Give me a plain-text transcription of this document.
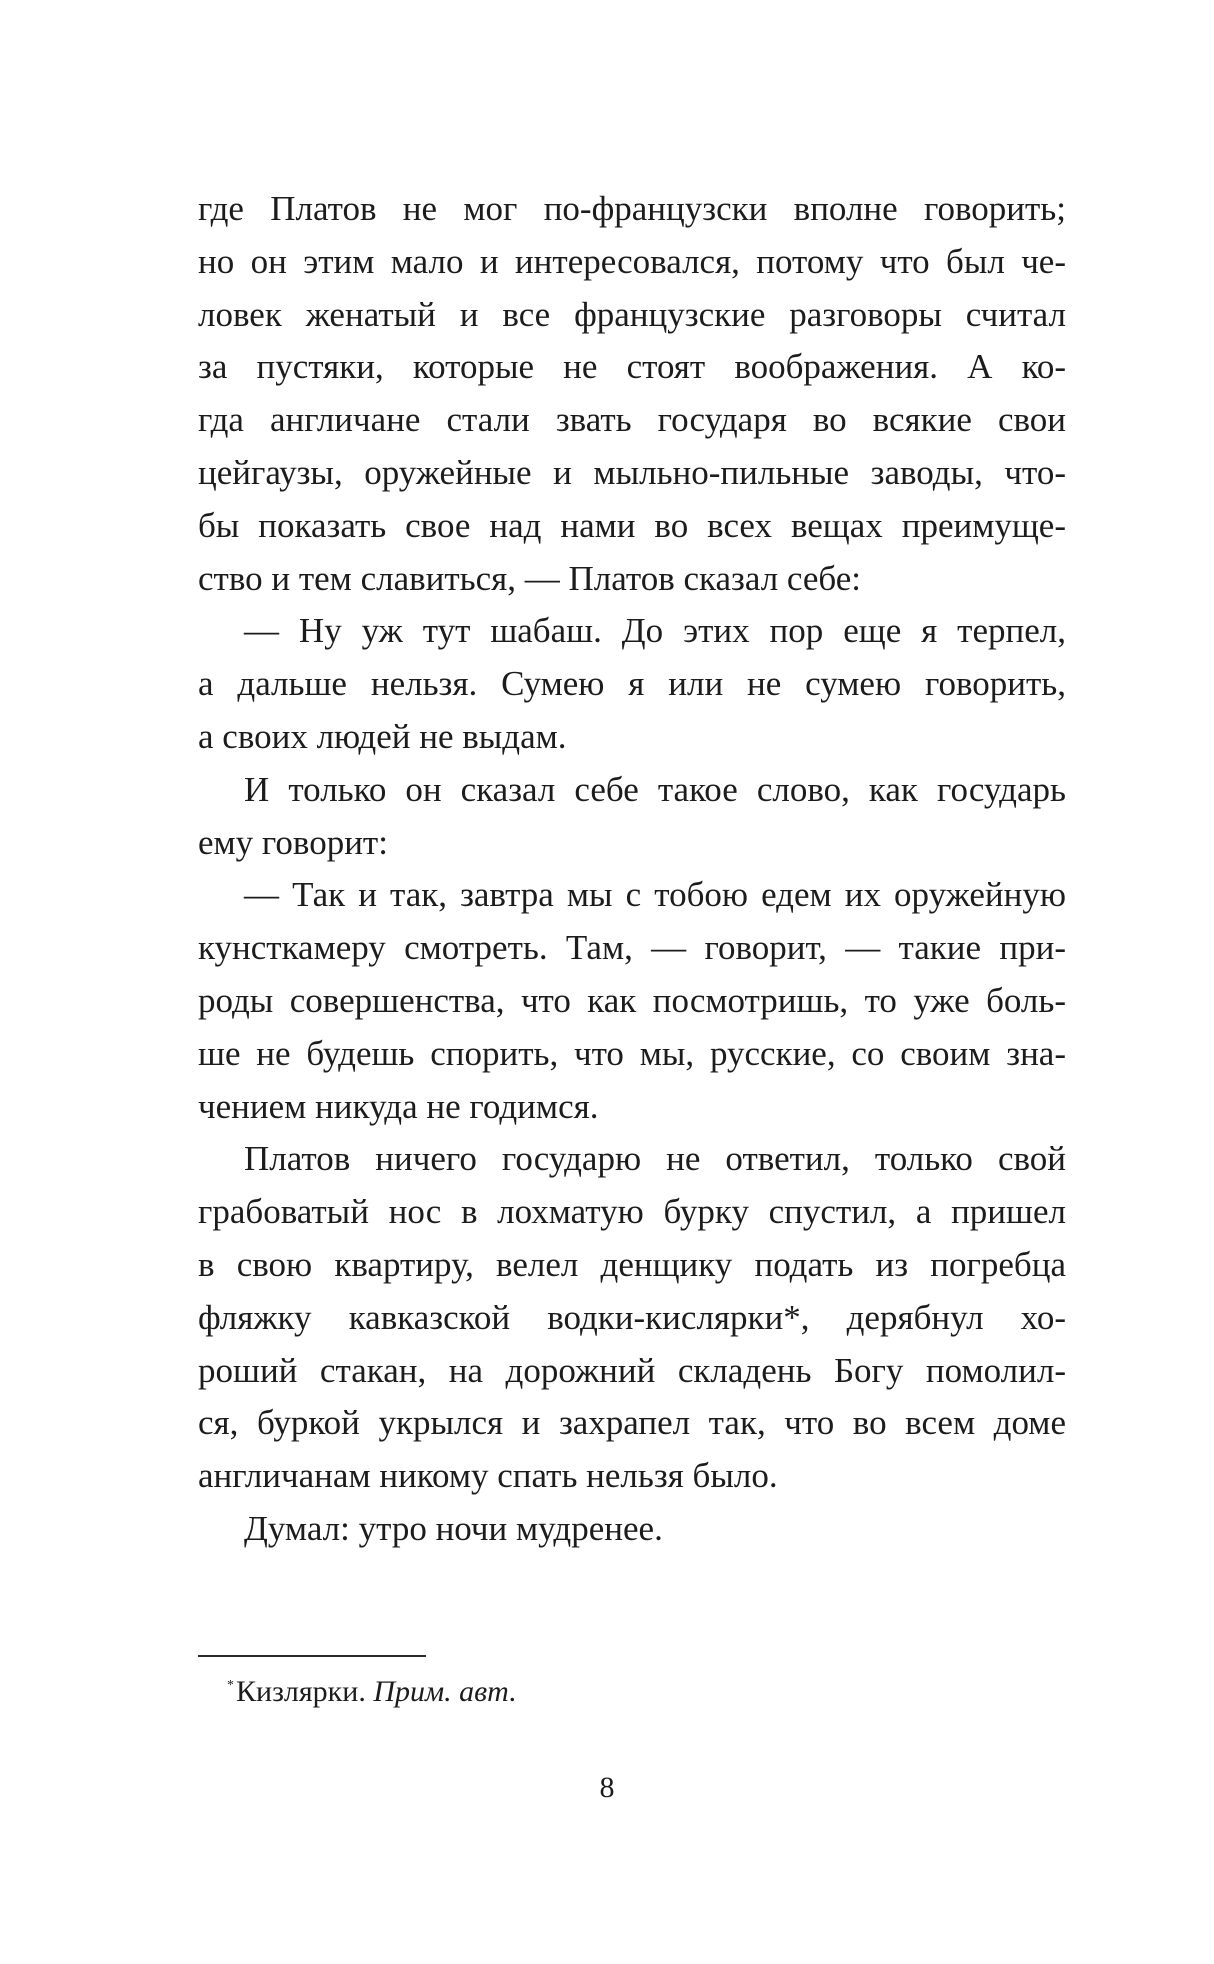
где Платов не мог по-французски вполне говорить;
но он этим мало и интересовался, потому что был че-
ловек женатый и все французские разговоры считал
за пустяки, которые не стоят воображения. А ко-
гда англичане стали звать государя во всякие свои
цейгаузы, оружейные и мыльно-пильные заводы, что-
бы показать свое над нами во всех вещах преимуще-
ство и тем славиться, — Платов сказал себе:
— Ну уж тут шабаш. До этих пор еще я терпел,
а дальше нельзя. Сумею я или не сумею говорить,
а своих людей не выдам.
И только он сказал себе такое слово, как государь
ему говорит:
— Так и так, завтра мы с тобою едем их оружейную
кунсткамеру смотреть. Там, — говорит, — такие при-
роды совершенства, что как посмотришь, то уже боль-
ше не будешь спорить, что мы, русские, со своим зна-
чением никуда не годимся.
Платов ничего государю не ответил, только свой
грабоватый нос в лохматую бурку спустил, а пришел
в свою квартиру, велел денщику подать из погребца
фляжку кавказской водки-кислярки*, дерябнул хо-
роший стакан, на дорожний складень Богу помолил-
ся, буркой укрылся и захрапел так, что во всем доме
англичанам никому спать нельзя было.
Думал: утро ночи мудренее.
* Кизлярки. Прим. авт.
8
